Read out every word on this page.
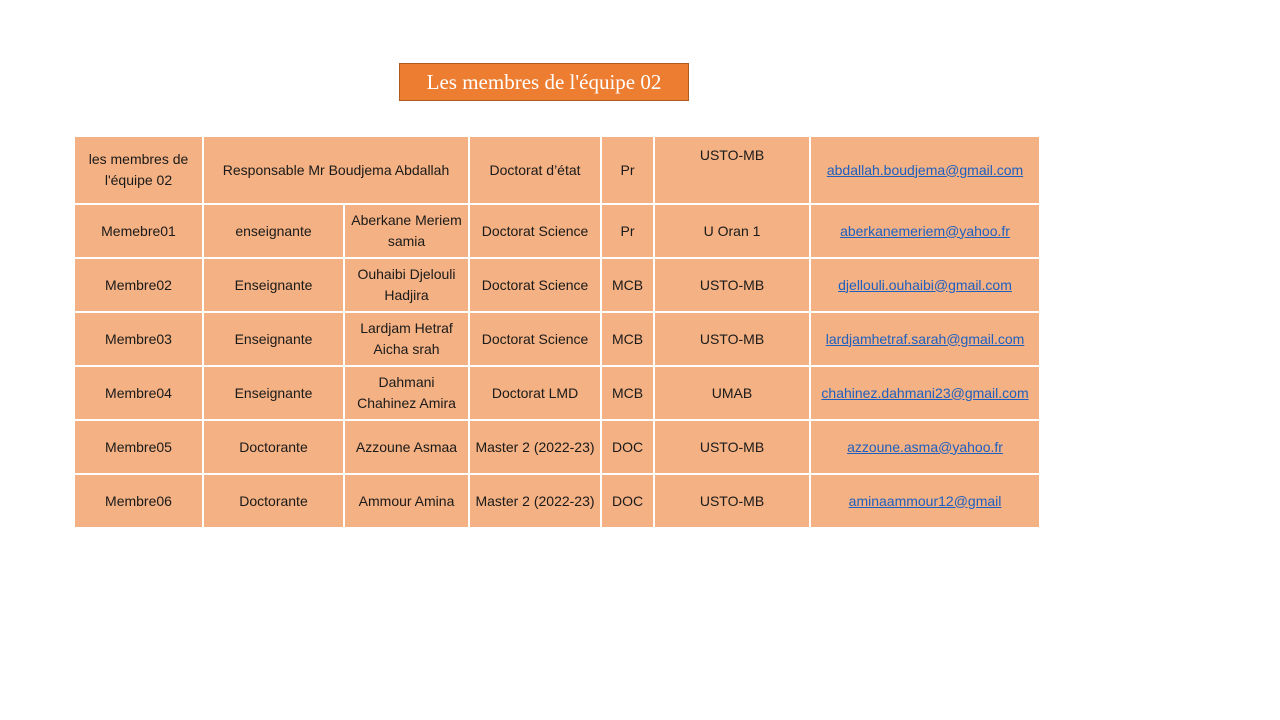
Les membres de l'équipe 02
les membres de l'équipe 02	Responsable Mr Boudjema Abdallah		Doctorat d’état	Pr	USTO-MB	abdallah.boudjema@gmail.com
Memebre01	enseignante	Aberkane Meriem samia	Doctorat Science	Pr	U Oran 1	aberkanemeriem@yahoo.fr
Membre02	Enseignante	Ouhaibi Djelouli Hadjira	Doctorat Science	MCB	USTO-MB	djellouli.ouhaibi@gmail.com
Membre03	Enseignante	Lardjam Hetraf Aicha srah	Doctorat Science	MCB	USTO-MB	lardjamhetraf.sarah@gmail.com
Membre04	Enseignante	Dahmani Chahinez Amira	Doctorat LMD	MCB	UMAB	chahinez.dahmani23@gmail.com
Membre05	Doctorante	Azzoune Asmaa	Master 2 (2022-23)	DOC	USTO-MB	azzoune.asma@yahoo.fr
Membre06	Doctorante	Ammour Amina	Master 2 (2022-23)	DOC	USTO-MB	aminaammour12@gmail
